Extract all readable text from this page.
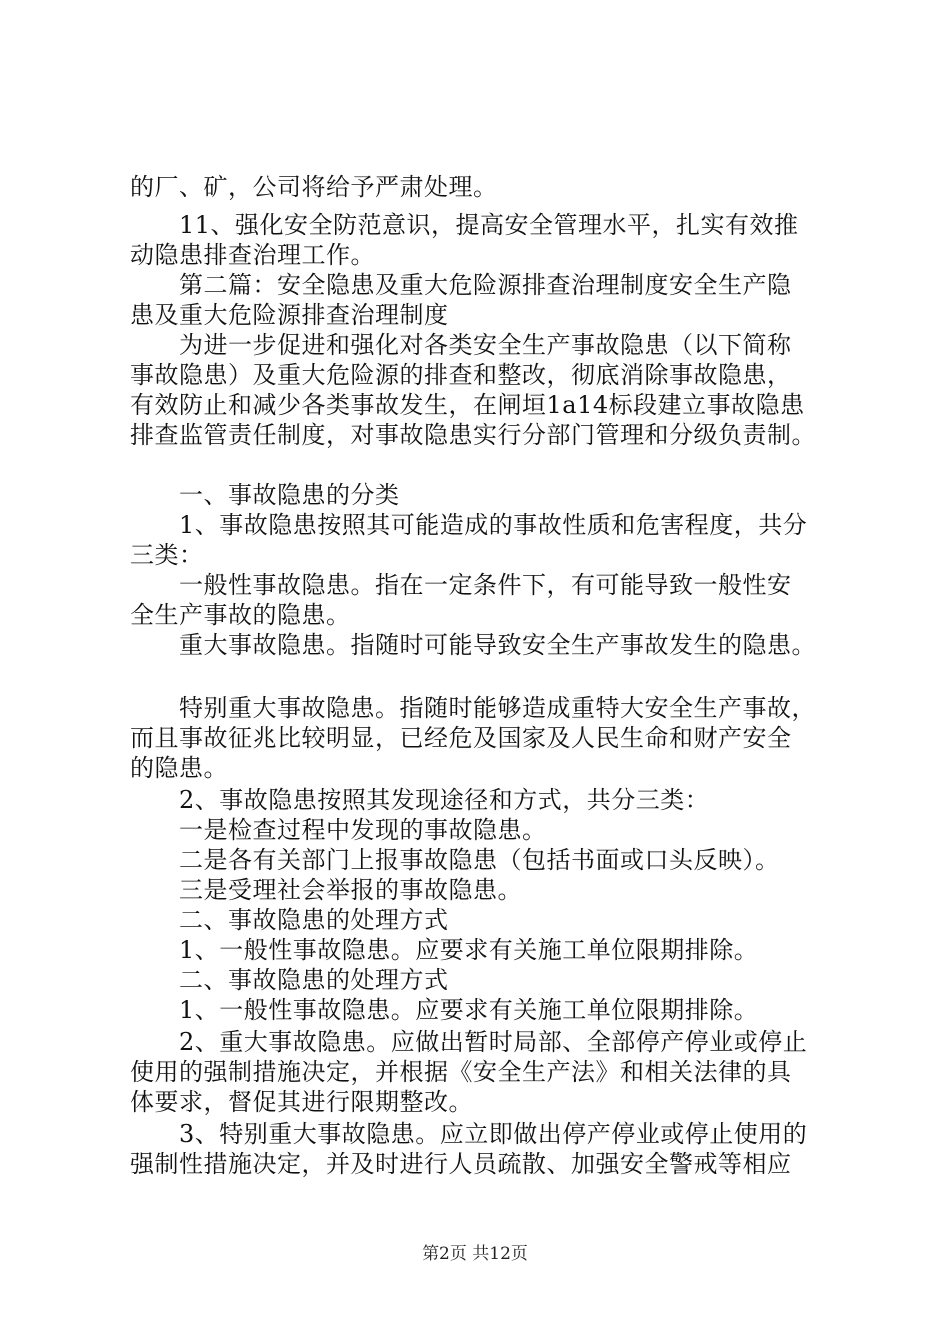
的厂、矿，公司将给予严肃处理。
　　11、强化安全防范意识，提高安全管理水平，扎实有效推
动隐患排查治理工作。
　　第二篇：安全隐患及重大危险源排查治理制度安全生产隐
患及重大危险源排查治理制度
　　为进一步促进和强化对各类安全生产事故隐患（以下简称
事故隐患）及重大危险源的排查和整改，彻底消除事故隐患，
有效防止和减少各类事故发生，在闸垣1a14标段建立事故隐患
排查监管责任制度，对事故隐患实行分部门管理和分级负责制。
　　一、事故隐患的分类
　　1、事故隐患按照其可能造成的事故性质和危害程度，共分
三类：
　　一般性事故隐患。指在一定条件下，有可能导致一般性安
全生产事故的隐患。
　　重大事故隐患。指随时可能导致安全生产事故发生的隐患。
　　特别重大事故隐患。指随时能够造成重特大安全生产事故，
而且事故征兆比较明显，已经危及国家及人民生命和财产安全
的隐患。
　　2、事故隐患按照其发现途径和方式，共分三类：
　　一是检查过程中发现的事故隐患。
　　二是各有关部门上报事故隐患（包括书面或口头反映）。
　　三是受理社会举报的事故隐患。
　　二、事故隐患的处理方式
　　1、一般性事故隐患。应要求有关施工单位限期排除。
　　二、事故隐患的处理方式
　　1、一般性事故隐患。应要求有关施工单位限期排除。
　　2、重大事故隐患。应做出暂时局部、全部停产停业或停止
使用的强制措施决定，并根据《安全生产法》和相关法律的具
体要求，督促其进行限期整改。
　　3、特别重大事故隐患。应立即做出停产停业或停止使用的
强制性措施决定，并及时进行人员疏散、加强安全警戒等相应
第2页 共12页
